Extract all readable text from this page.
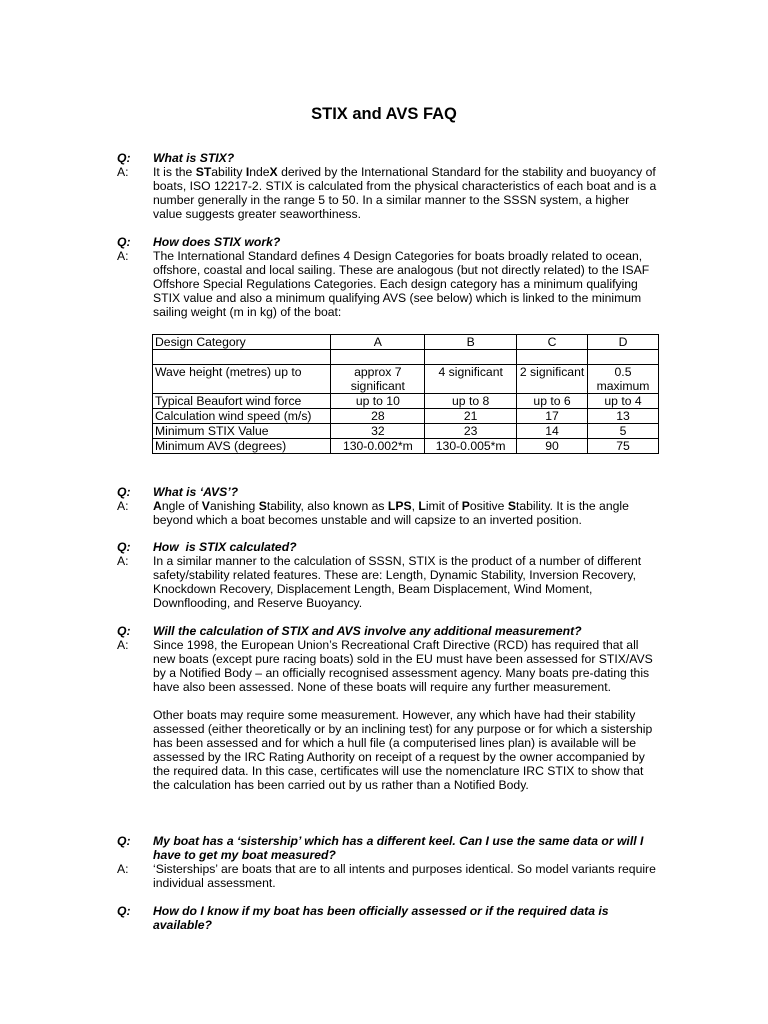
STIX and AVS FAQ
Q:	What is STIX?
A:	It is the STability IndeX derived by the International Standard for the stability and buoyancy of boats, ISO 12217-2. STIX is calculated from the physical characteristics of each boat and is a number generally in the range 5 to 50. In a similar manner to the SSSN system, a higher value suggests greater seaworthiness.
Q:	How does STIX work?
A:	The International Standard defines 4 Design Categories for boats broadly related to ocean, offshore, coastal and local sailing. These are analogous (but not directly related) to the ISAF Offshore Special Regulations Categories. Each design category has a minimum qualifying STIX value and also a minimum qualifying AVS (see below) which is linked to the minimum sailing weight (m in kg) of the boat:
Design Category	A	B	C	D

Wave height (metres) up to	approx 7 significant	4 significant	2 significant	0.5 maximum
Typical Beaufort wind force	up to 10	up to 8	up to 6	up to 4
Calculation wind speed (m/s)	28	21	17	13
Minimum STIX Value	32	23	14	5
Minimum AVS (degrees)	130-0.002*m	130-0.005*m	90	75
Q:	What is ‘AVS’?
A:	Angle of Vanishing Stability, also known as LPS, Limit of Positive Stability. It is the angle beyond which a boat becomes unstable and will capsize to an inverted position.
Q:	How  is STIX calculated?
A:	In a similar manner to the calculation of SSSN, STIX is the product of a number of different safety/stability related features. These are: Length, Dynamic Stability, Inversion Recovery, Knockdown Recovery, Displacement Length, Beam Displacement, Wind Moment, Downflooding, and Reserve Buoyancy.
Q:	Will the calculation of STIX and AVS involve any additional measurement?
A:	Since 1998, the European Union’s Recreational Craft Directive (RCD) has required that all new boats (except pure racing boats) sold in the EU must have been assessed for STIX/AVS by a Notified Body – an officially recognised assessment agency. Many boats pre-dating this have also been assessed. None of these boats will require any further measurement.
Other boats may require some measurement. However, any which have had their stability assessed (either theoretically or by an inclining test) for any purpose or for which a sistership has been assessed and for which a hull file (a computerised lines plan) is available will be assessed by the IRC Rating Authority on receipt of a request by the owner accompanied by the required data. In this case, certificates will use the nomenclature IRC STIX to show that the calculation has been carried out by us rather than a Notified Body.
Q:	My boat has a ‘sistership’ which has a different keel. Can I use the same data or will I have to get my boat measured?
A:	‘Sisterships’ are boats that are to all intents and purposes identical. So model variants require individual assessment.
Q:	How do I know if my boat has been officially assessed or if the required data is available?
